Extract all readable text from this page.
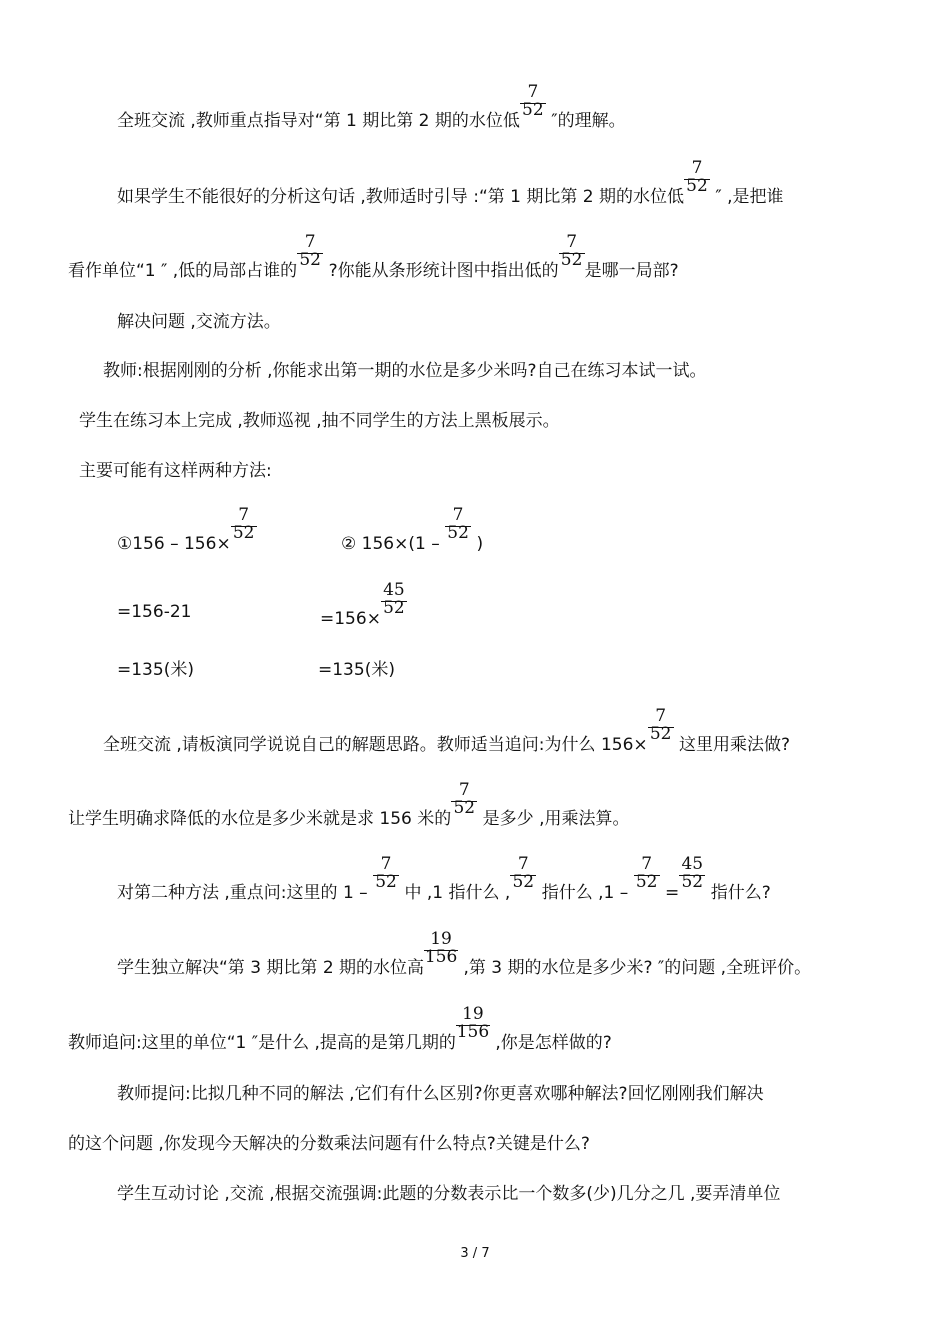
全班交流 ,教师重点指导对“第 1 期比第 2 期的水位低 $\frac{7}{52}$ ″的理解。
如果学生不能很好的分析这句话 ,教师适时引导 :“第 1 期比第 2 期的水位低 $\frac{7}{52}$ ″ ,是把谁
看作单位“1 ″ ,低的局部占谁的 $\frac{7}{52}$ ?你能从条形统计图中指出低的 $\frac{7}{52}$ 是哪一局部?
解决问题 ,交流方法。
教师:根据刚刚的分析 ,你能求出第一期的水位是多少米吗?自己在练习本试一试。
学生在练习本上完成 ,教师巡视 ,抽不同学生的方法上黑板展示。
主要可能有这样两种方法:
①156 – $156\times \frac{7}{52}$	② $156\times(1 - \frac{7}{52}$ )
=156-21	$=156\times \frac{45}{52}$
=135(米)	=135(米)
全班交流 ,请板演同学说说自己的解题思路。教师适当追问:为什么 $156\times \frac{7}{52}$ 这里用乘法做?
让学生明确求降低的水位是多少米就是求 156 米的 $\frac{7}{52}$ 是多少 ,用乘法算。
对第二种方法 ,重点问:这里的 $1 - \frac{7}{52}$ 中 ,1 指什么 , $\frac{7}{52}$ 指什么 $,1 - \frac{7}{52} = \frac{45}{52}$ 指什么?
学生独立解决“第 3 期比第 2 期的水位高 $\frac{19}{156}$ ,第 3 期的水位是多少米? ″的问题 ,全班评价。
教师追问:这里的单位“1 ″是什么 ,提高的是第几期的 $\frac{19}{156}$ ,你是怎样做的?
教师提问:比拟几种不同的解法 ,它们有什么区别?你更喜欢哪种解法?回忆刚刚我们解决
的这个问题 ,你发现今天解决的分数乘法问题有什么特点?关键是什么?
学生互动讨论 ,交流 ,根据交流强调:此题的分数表示比一个数多(少)几分之几 ,要弄清单位
3 / 7
